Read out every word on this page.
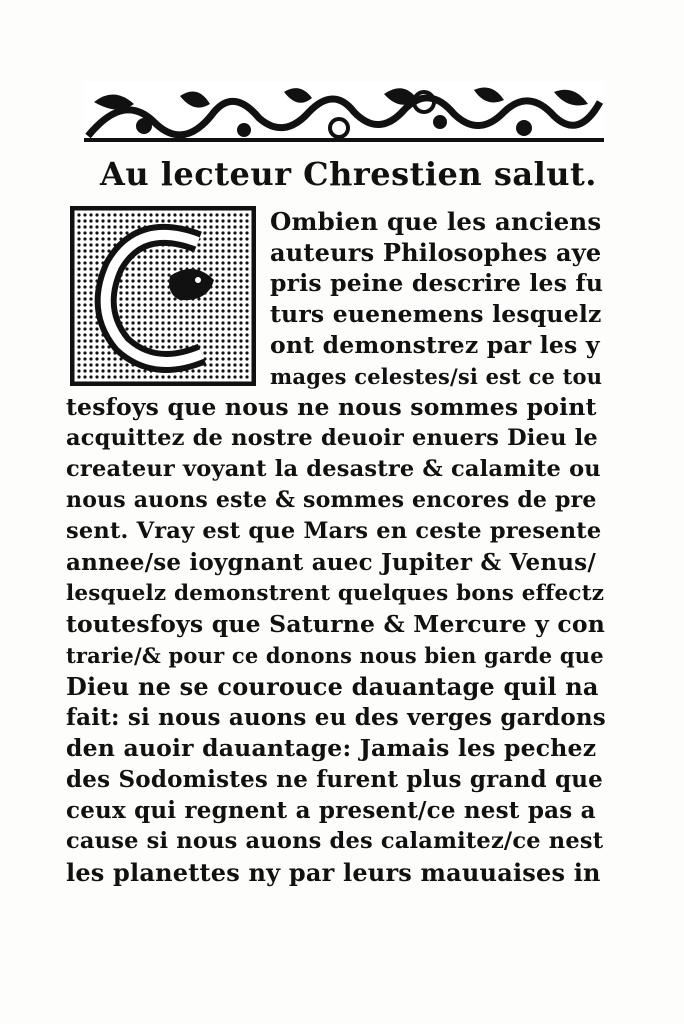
Au lecteur Chrestien salut.
Ombien que les anciens
auteurs Philosophes aye
pris peine descrire les fu
turs euenemens lesquelz
ont demonstrez par les y
mages celestes/si est ce tou
tesfoys que nous ne nous sommes point
acquittez de nostre deuoir enuers Dieu le
createur voyant la desastre & calamite ou
nous auons este & sommes encores de pre
sent. Vray est que Mars en ceste presente
annee/se ioygnant auec Jupiter & Venus/
lesquelz demonstrent quelques bons effectz
toutesfoys que Saturne & Mercure y con
trarie/& pour ce donons nous bien garde que
Dieu ne se courouce dauantage quil na
fait: si nous auons eu des verges gardons
den auoir dauantage: Jamais les pechez
des Sodomistes ne furent plus grand que
ceux qui regnent a present/ce nest pas a
cause si nous auons des calamitez/ce nest
les planettes ny par leurs mauuaises in
